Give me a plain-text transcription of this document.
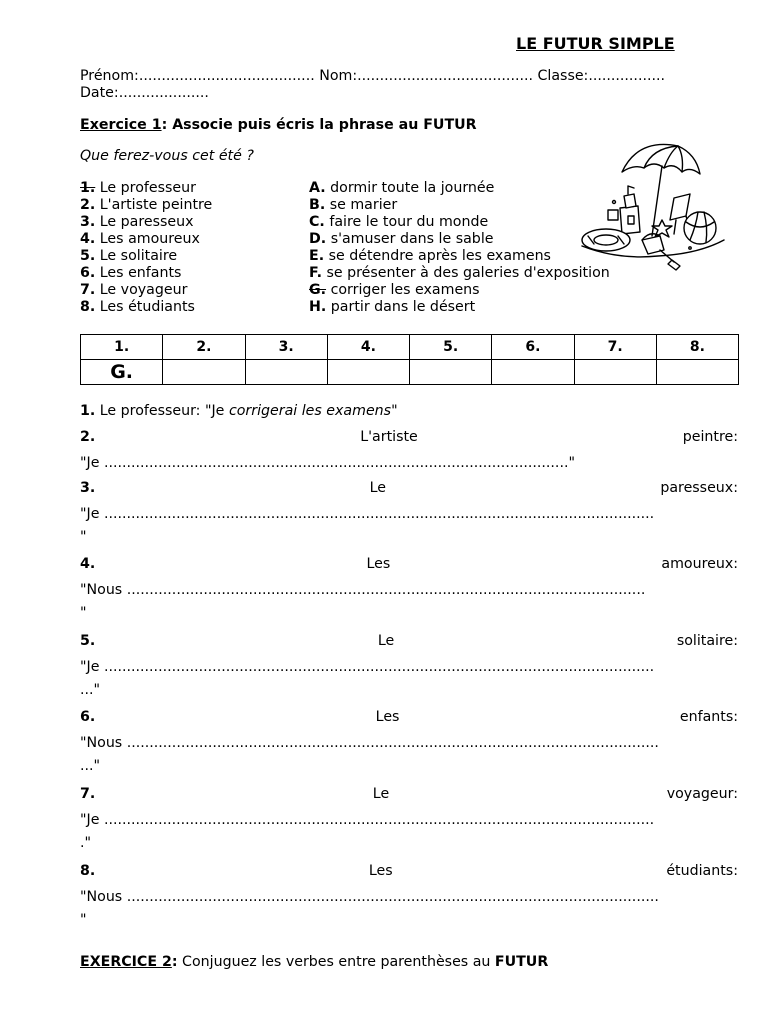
LE FUTUR SIMPLE
Prénom:....................................... Nom:....................................... Classe:.................
Date:....................
Exercice 1: Associe puis écris la phrase au FUTUR
Que ferez-vous cet été ?
1. Le professeur
2. L'artiste peintre
3. Le paresseux
4. Les amoureux
5. Le solitaire
6. Les enfants
7. Le voyageur
8. Les étudiants
A. dormir toute la journée
B. se marier
C. faire le tour du monde
D. s'amuser dans le sable
E. se détendre après les examens
F. se présenter à des galeries d'exposition
G. corriger les examens
H. partir dans le désert
1.	2.	3.	4.	5.	6.	7.	8.
G.							
1. Le professeur: "Je corrigerai les examens"
2.	L'artiste	peintre:
"Je ......................................................................................................."
3.	Le	paresseux:
"Je ..........................................................................................................................
"
4.	Les	amoureux:
"Nous ...................................................................................................................
"
5.	Le	solitaire:
"Je ..........................................................................................................................
..."
6.	Les	enfants:
"Nous ......................................................................................................................
..."
7.	Le	voyageur:
"Je ..........................................................................................................................
."
8.	Les	étudiants:
"Nous ......................................................................................................................
"
EXERCICE 2: Conjuguez les verbes entre parenthèses au FUTUR
